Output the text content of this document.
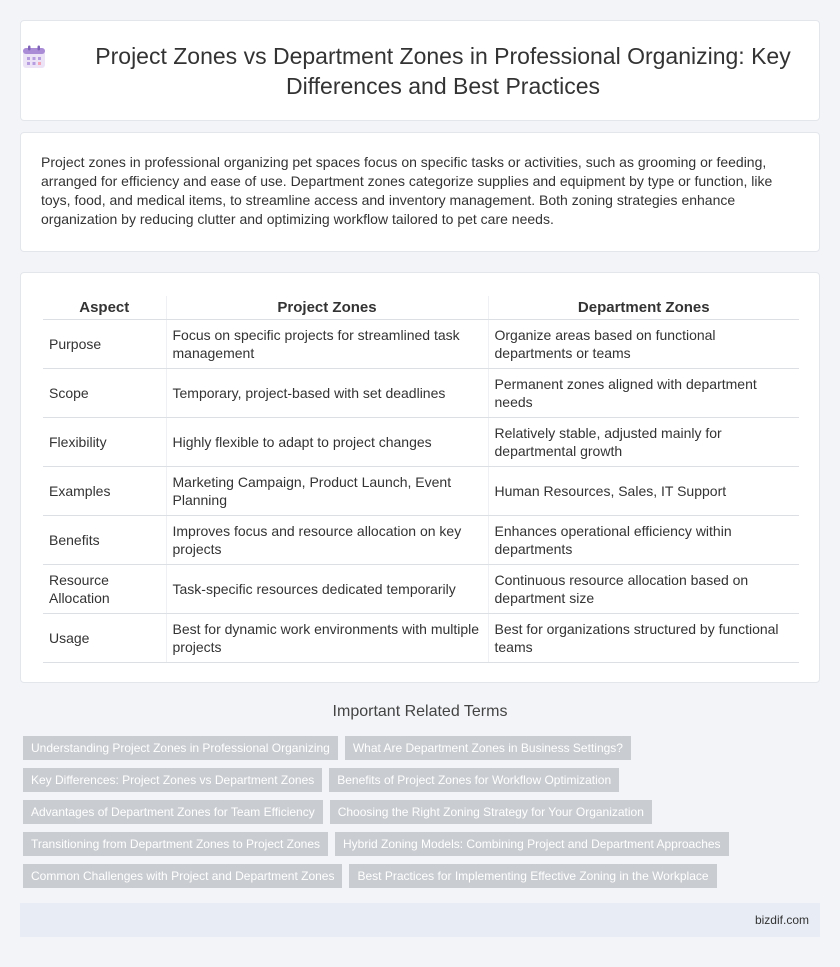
Project Zones vs Department Zones in Professional Organizing: Key Differences and Best Practices

Project zones in professional organizing pet spaces focus on specific tasks or activities, such as grooming or feeding, arranged for efficiency and ease of use. Department zones categorize supplies and equipment by type or function, like toys, food, and medical items, to streamline access and inventory management. Both zoning strategies enhance organization by reducing clutter and optimizing workflow tailored to pet care needs.

Aspect	Project Zones	Department Zones
Purpose	Focus on specific projects for streamlined task management	Organize areas based on functional departments or teams
Scope	Temporary, project-based with set deadlines	Permanent zones aligned with department needs
Flexibility	Highly flexible to adapt to project changes	Relatively stable, adjusted mainly for departmental growth
Examples	Marketing Campaign, Product Launch, Event Planning	Human Resources, Sales, IT Support
Benefits	Improves focus and resource allocation on key projects	Enhances operational efficiency within departments
Resource Allocation	Task-specific resources dedicated temporarily	Continuous resource allocation based on department size
Usage	Best for dynamic work environments with multiple projects	Best for organizations structured by functional teams
Important Related Terms
Understanding Project Zones in Professional Organizing	What Are Department Zones in Business Settings?
Key Differences: Project Zones vs Department Zones	Benefits of Project Zones for Workflow Optimization
Advantages of Department Zones for Team Efficiency	Choosing the Right Zoning Strategy for Your Organization
Transitioning from Department Zones to Project Zones	Hybrid Zoning Models: Combining Project and Department Approaches
Common Challenges with Project and Department Zones	Best Practices for Implementing Effective Zoning in the Workplace
bizdif.com
